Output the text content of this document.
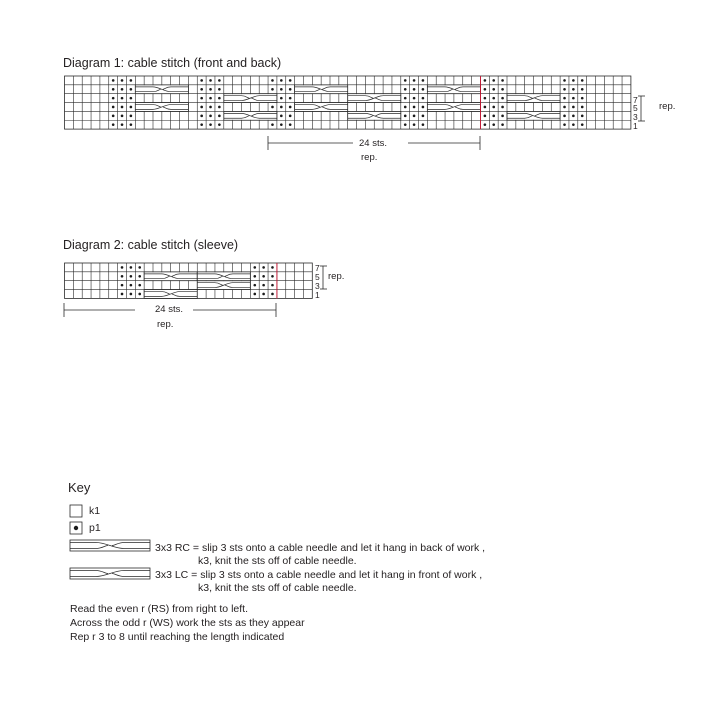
Diagram 1: cable stitch (front and back)
7
5
3
1
rep.
24 sts.
rep.
Diagram 2: cable stitch (sleeve)
7
5
3
1
rep.
24 sts.
rep.
Key
k1
p1
3x3 RC = slip 3 sts onto a cable needle and let it hang in back of work ,
k3, knit the sts off of cable needle.
3x3 LC = slip 3 sts onto a cable needle and let it hang in front of work ,
k3, knit the sts off of cable needle.
Read the even r (RS) from right to left.
Across the odd r (WS) work the sts as they appear
Rep r 3 to 8 until reaching the length indicated
